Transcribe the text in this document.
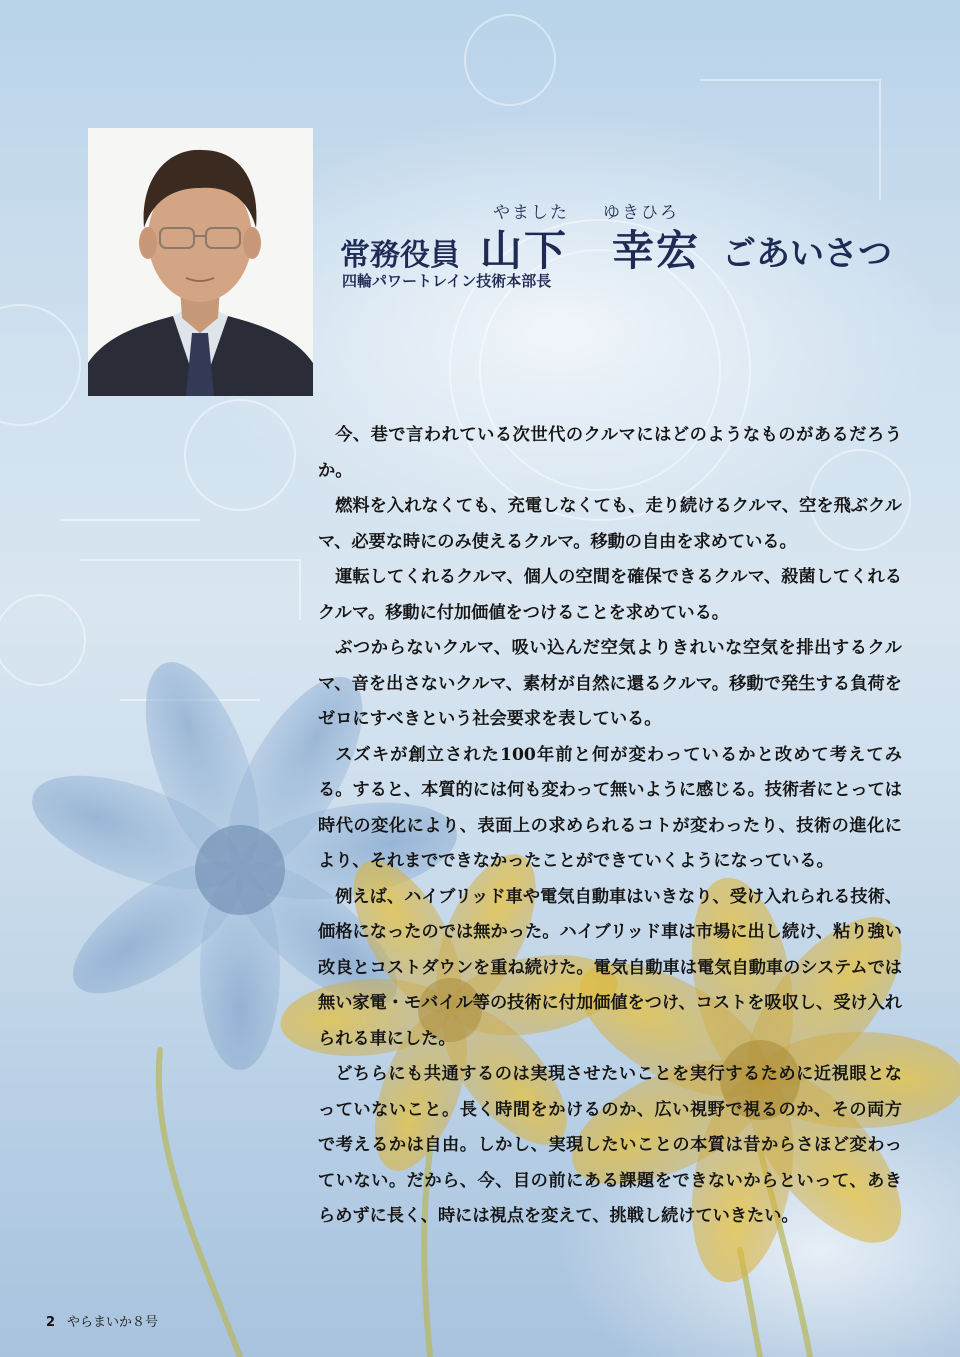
やました ゆきひろ
常務役員 山下　幸宏 ごあいさつ
四輪パワートレイン技術本部長

今、巷で言われている次世代のクルマにはどのようなものがあるだろうか。

燃料を入れなくても、充電しなくても、走り続けるクルマ、空を飛ぶクルマ、必要な時にのみ使えるクルマ。移動の自由を求めている。

運転してくれるクルマ、個人の空間を確保できるクルマ、殺菌してくれるクルマ。移動に付加価値をつけることを求めている。

ぶつからないクルマ、吸い込んだ空気よりきれいな空気を排出するクルマ、音を出さないクルマ、素材が自然に還るクルマ。移動で発生する負荷をゼロにすべきという社会要求を表している。

スズキが創立された100年前と何が変わっているかと改めて考えてみる。すると、本質的には何も変わって無いように感じる。技術者にとっては時代の変化により、表面上の求められるコトが変わったり、技術の進化により、それまでできなかったことができていくようになっている。

例えば、ハイブリッド車や電気自動車はいきなり、受け入れられる技術、価格になったのでは無かった。ハイブリッド車は市場に出し続け、粘り強い改良とコストダウンを重ね続けた。電気自動車は電気自動車のシステムでは無い家電・モバイル等の技術に付加価値をつけ、コストを吸収し、受け入れられる車にした。

どちらにも共通するのは実現させたいことを実行するために近視眼となっていないこと。長く時間をかけるのか、広い視野で視るのか、その両方で考えるかは自由。しかし、実現したいことの本質は昔からさほど変わっていない。だから、今、目の前にある課題をできないからといって、あきらめずに長く、時には視点を変えて、挑戦し続けていきたい。

2 やらまいか８号
